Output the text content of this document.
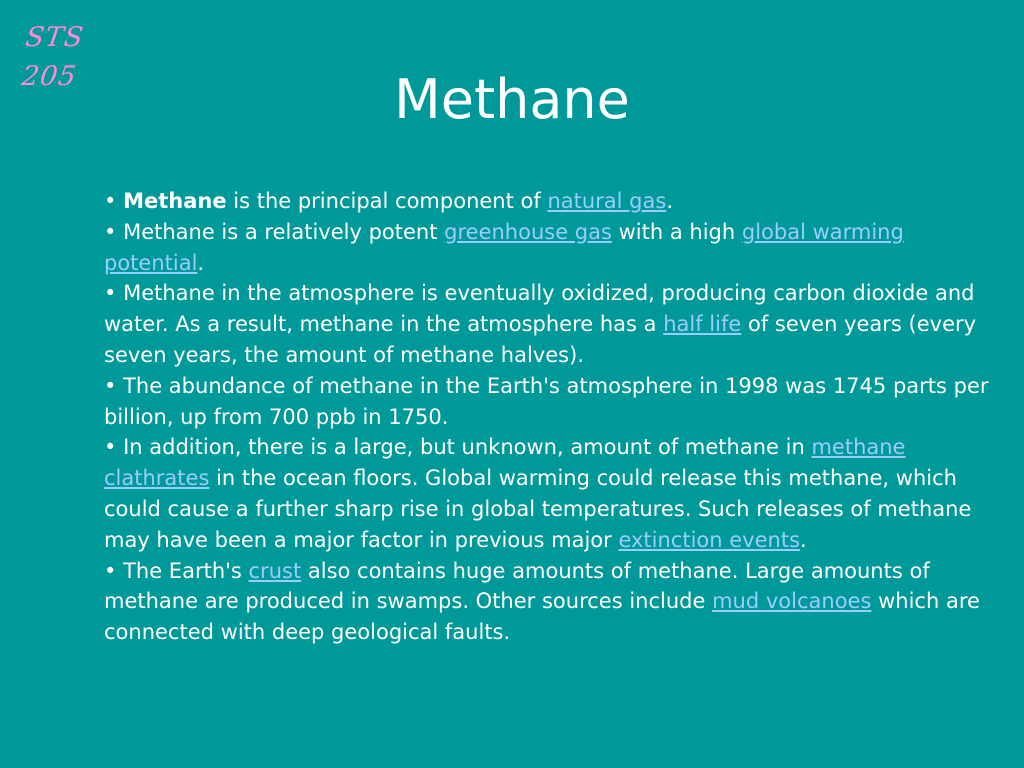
STS
205	Methane
• Methane is the principal component of natural gas.
• Methane is a relatively potent greenhouse gas with a high global warming potential.
• Methane in the atmosphere is eventually oxidized, producing carbon dioxide and water. As a result, methane in the atmosphere has a half life of seven years (every seven years, the amount of methane halves).
• The abundance of methane in the Earth's atmosphere in 1998 was 1745 parts per billion, up from 700 ppb in 1750.
• In addition, there is a large, but unknown, amount of methane in methane clathrates in the ocean floors. Global warming could release this methane, which could cause a further sharp rise in global temperatures. Such releases of methane may have been a major factor in previous major extinction events.
• The Earth's crust also contains huge amounts of methane. Large amounts of methane are produced in swamps. Other sources include mud volcanoes which are connected with deep geological faults.
